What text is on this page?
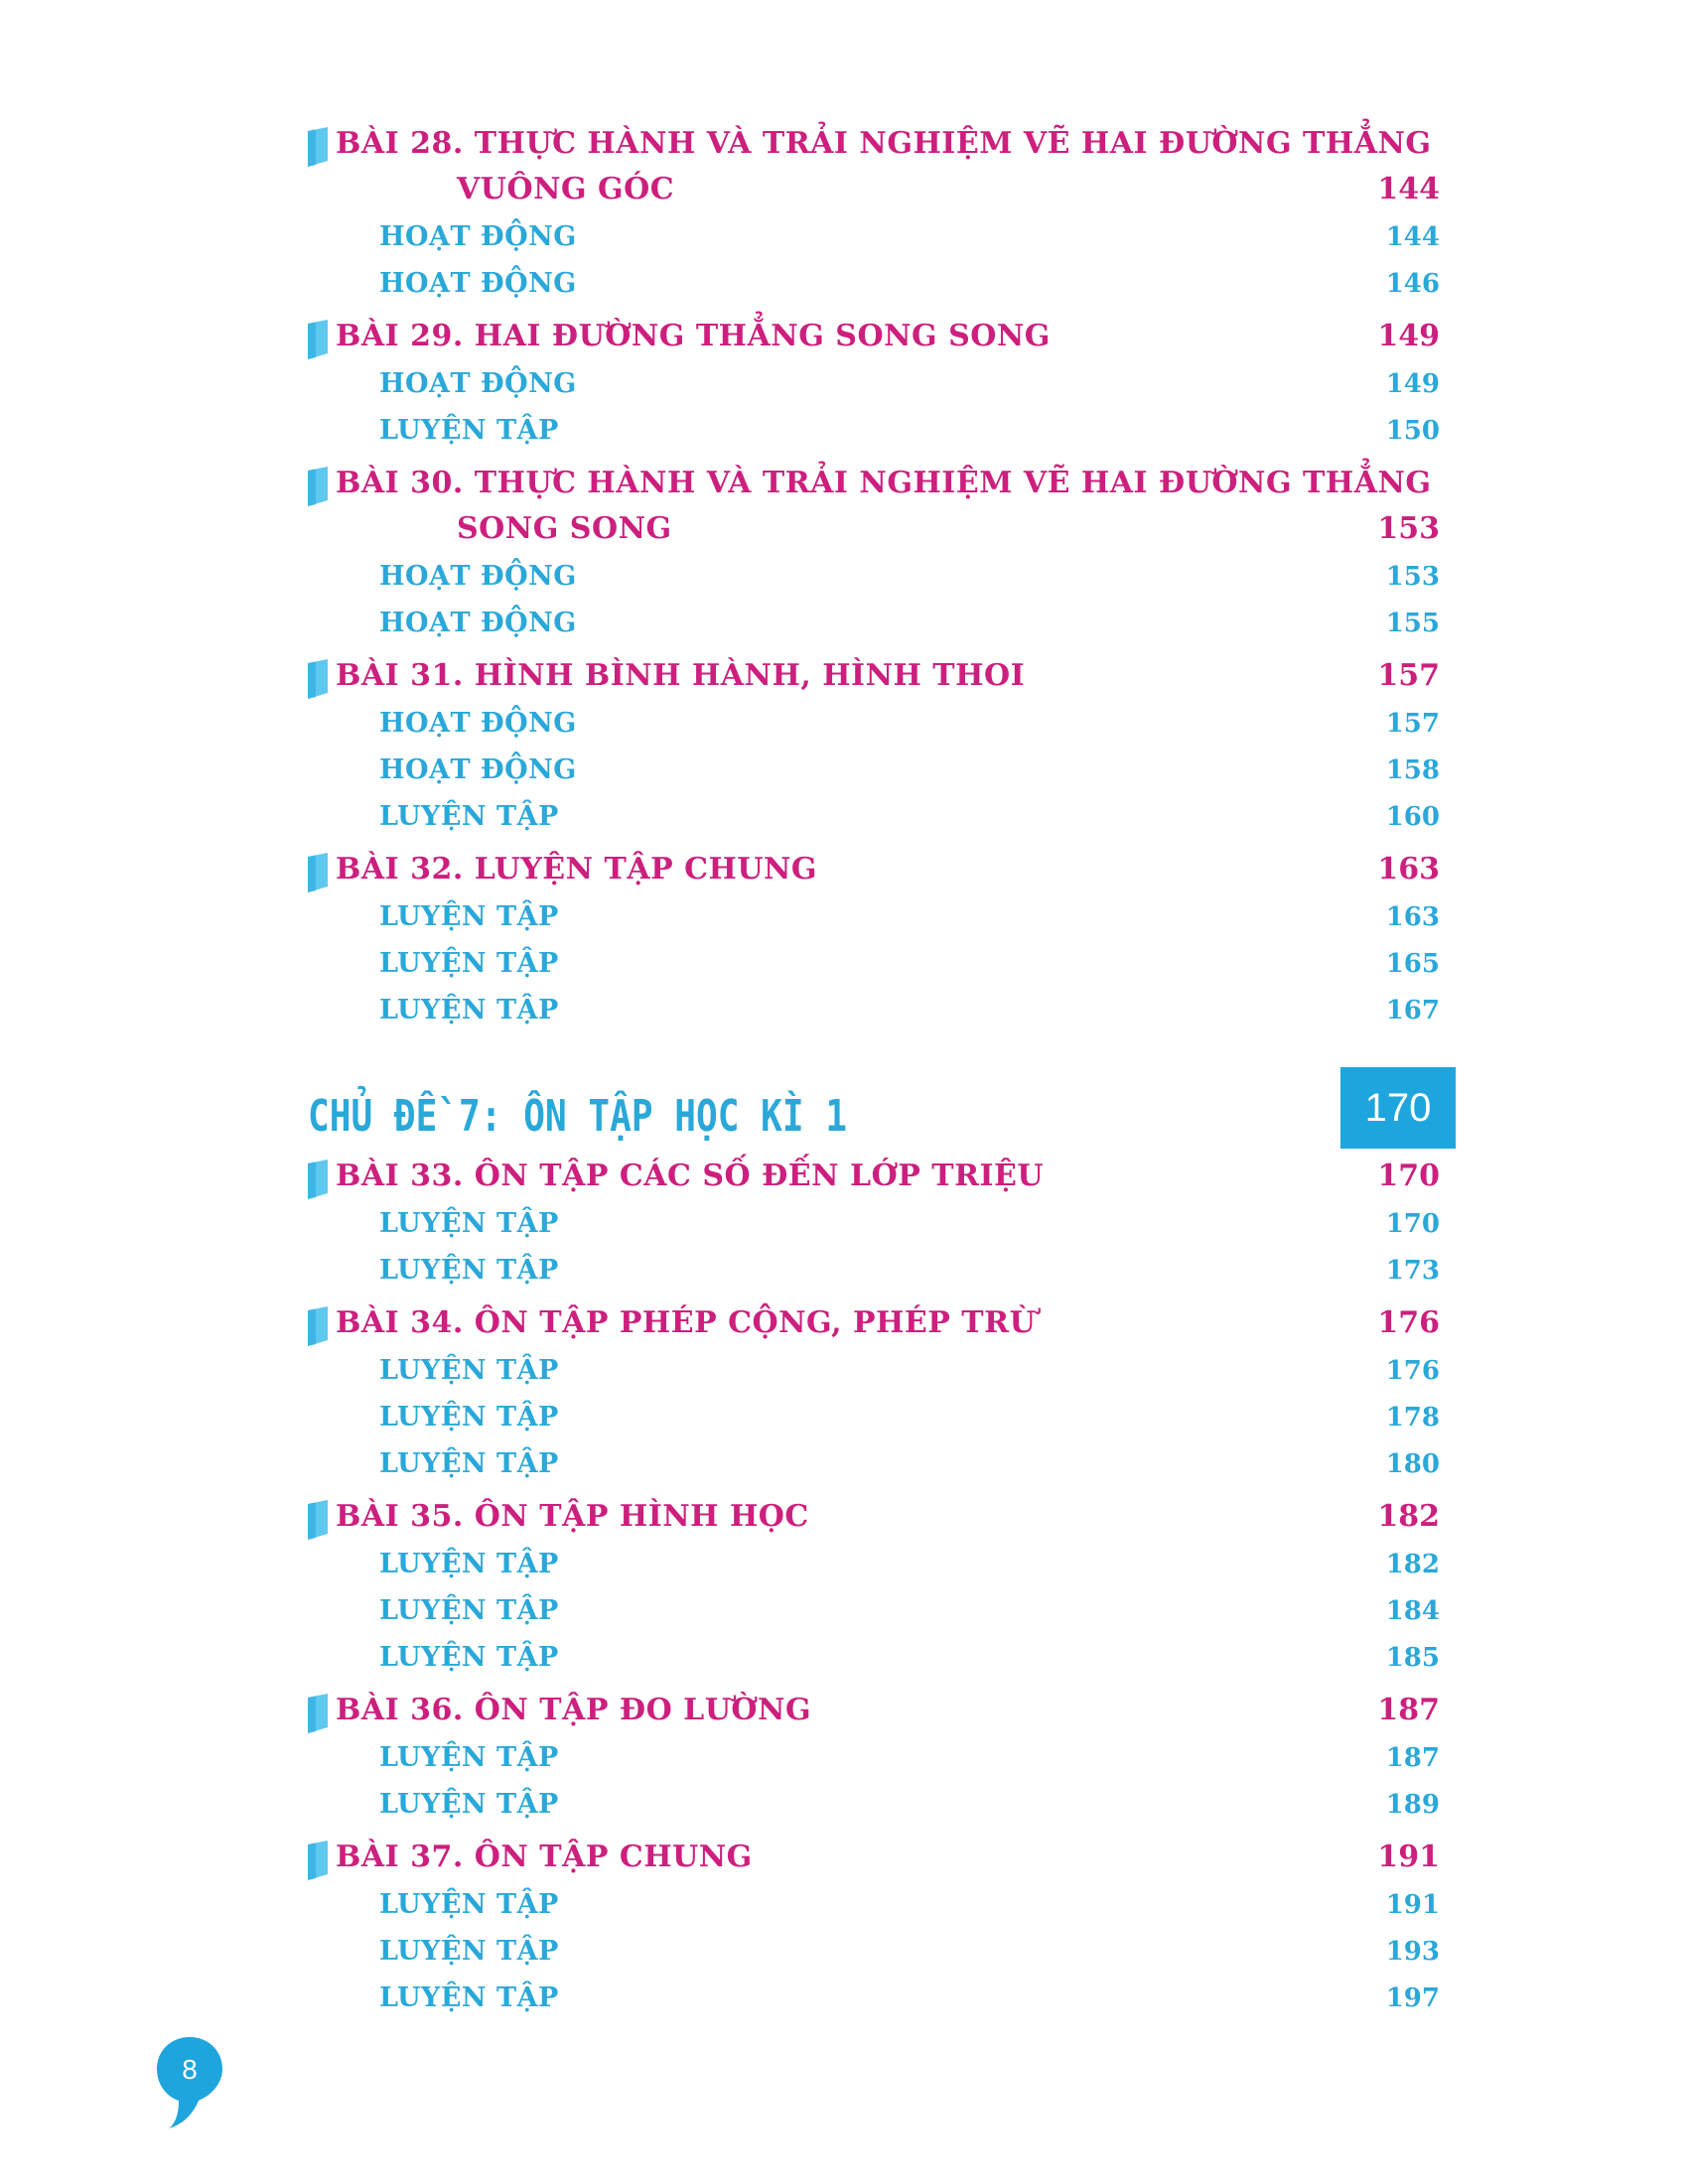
BÀI 28. THỰC HÀNH VÀ TRẢI NGHIỆM VẼ HAI ĐƯỜNG THẲNG
VUÔNG GÓC	144
HOẠT ĐỘNG	144
HOẠT ĐỘNG	146
BÀI 29. HAI ĐƯỜNG THẲNG SONG SONG	149
HOẠT ĐỘNG	149
LUYỆN TẬP	150
BÀI 30. THỰC HÀNH VÀ TRẢI NGHIỆM VẼ HAI ĐƯỜNG THẲNG
SONG SONG	153
HOẠT ĐỘNG	153
HOẠT ĐỘNG	155
BÀI 31. HÌNH BÌNH HÀNH, HÌNH THOI	157
HOẠT ĐỘNG	157
HOẠT ĐỘNG	158
LUYỆN TẬP	160
BÀI 32. LUYỆN TẬP CHUNG	163
LUYỆN TẬP	163
LUYỆN TẬP	165
LUYỆN TẬP	167
BÀI 33. ÔN TẬP CÁC SỐ ĐẾN LỚP TRIỆU	170
LUYỆN TẬP	170
LUYỆN TẬP	173
BÀI 34. ÔN TẬP PHÉP CỘNG, PHÉP TRỪ	176
LUYỆN TẬP	176
LUYỆN TẬP	178
LUYỆN TẬP	180
BÀI 35. ÔN TẬP HÌNH HỌC	182
LUYỆN TẬP	182
LUYỆN TẬP	184
LUYỆN TẬP	185
BÀI 36. ÔN TẬP ĐO LƯỜNG	187
LUYỆN TẬP	187
LUYỆN TẬP	189
BÀI 37. ÔN TẬP CHUNG	191
LUYỆN TẬP	191
LUYỆN TẬP	193
LUYỆN TẬP	197
CHỦ ĐỀ 7: ÔN TẬP HỌC KÌ 1	170
8
